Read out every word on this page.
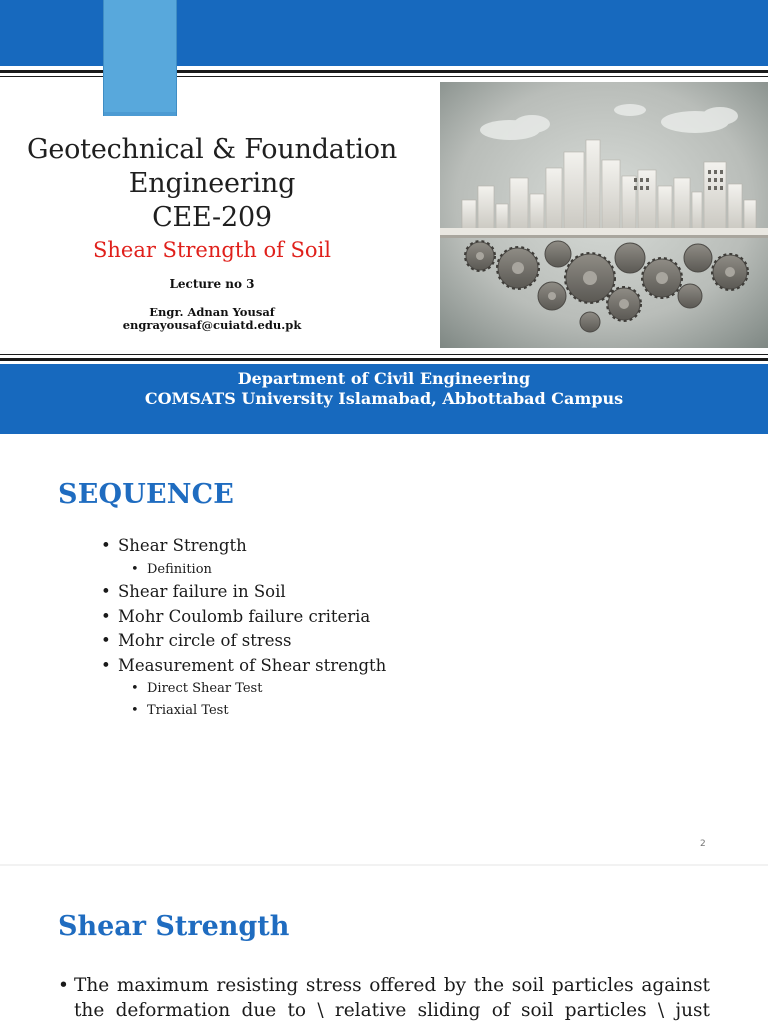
Geotechnical & Foundation
Engineering
CEE-209
Shear Strength of Soil
Lecture no 3
Engr. Adnan Yousaf
engrayousaf@cuiatd.edu.pk
Department of Civil Engineering
COMSATS University Islamabad, Abbottabad Campus
SEQUENCE
• Shear Strength
• Definition
• Shear failure in Soil
• Mohr Coulomb failure criteria
• Mohr circle of stress
• Measurement of Shear strength
• Direct Shear Test
• Triaxial Test
2
Shear Strength
• The maximum resisting stress offered by the soil particles against
the deformation due to \ relative sliding of soil particles \ just
